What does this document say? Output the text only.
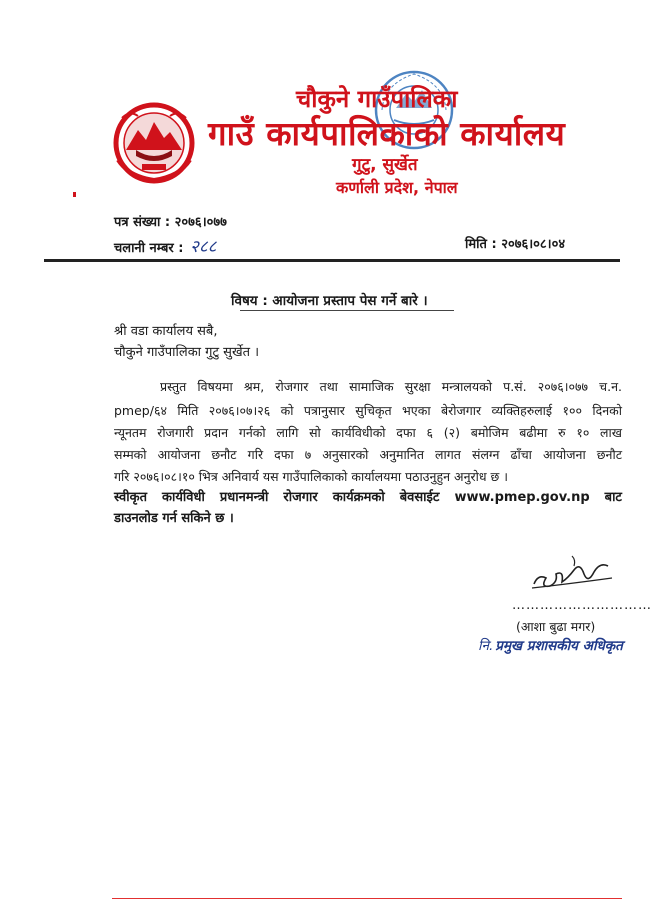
चौकुने गाउँपालिका
गाउँ कार्यपालिकाको कार्यालय
गुटु, सुर्खेत
कर्णाली प्रदेश, नेपाल
पत्र संख्या : २०७६।०७७
चलानी नम्बर : २८८	मिति : २०७६।०८।०४
विषय : आयोजना प्रस्ताप पेस गर्ने बारे ।
श्री वडा कार्यालय सबै,
चौकुने गाउँपालिका गुटु सुर्खेत ।
प्रस्तुत विषयमा श्रम, रोजगार तथा सामाजिक सुरक्षा मन्त्रालयको प.सं. २०७६।०७७ च.न.
pmep/६४ मिति २०७६।०७।२६ को पत्रानुसार सुचिकृत भएका बेरोजगार व्यक्तिहरुलाई १०० दिनको
न्यूनतम रोजगारी प्रदान गर्नको लागि सो कार्यविधीको दफा ६ (२) बमोजिम बढीमा रु १० लाख
सम्मको आयोजना छनौट गरि दफा ७ अनुसारको अनुमानित लागत संलग्न ढाँचा आयोजना छनौट
गरि २०७६।०८।१० भित्र अनिवार्य यस गाउँपालिकाको कार्यालयमा पठाउनुहुन अनुरोध छ ।
स्वीकृत कार्यविधी प्रधानमन्त्री रोजगार कार्यक्रमको बेवसाईट www.pmep.gov.np बाट
डाउनलोड गर्न सकिने छ ।
…………………………
(आशा बुढा मगर)
नि. प्रमुख प्रशासकीय अधिकृत
